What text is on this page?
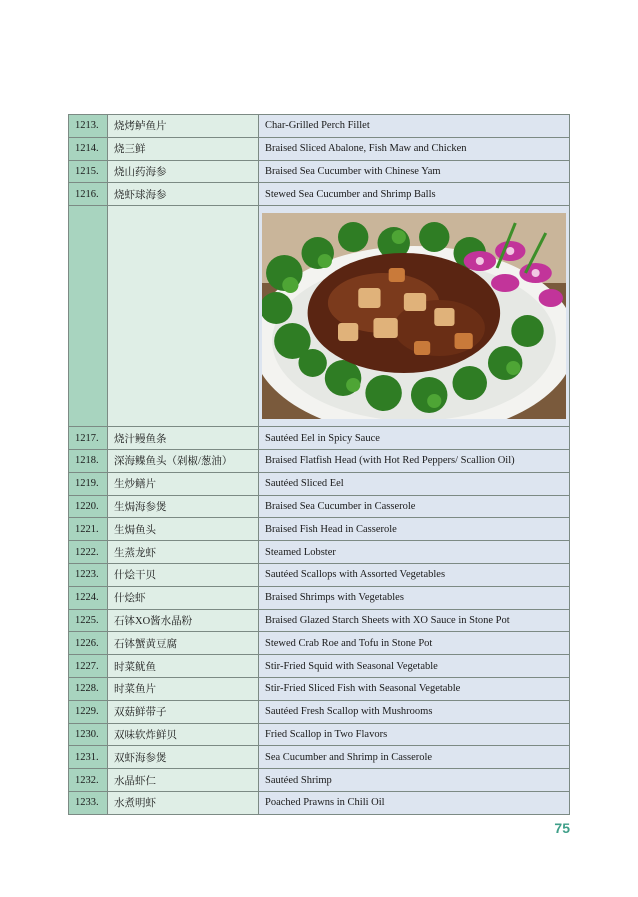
1213.	烧烤鲈鱼片	Char-Grilled Perch Fillet
1214.	烧三鲜	Braised Sliced Abalone, Fish Maw and Chicken
1215.	烧山药海参	Braised Sea Cucumber with Chinese Yam
1216.	烧虾球海参	Stewed Sea Cucumber and Shrimp Balls

1217.	烧汁鳗鱼条	Sautéed Eel in Spicy Sauce
1218.	深海鲽鱼头（剁椒/葱油）	Braised Flatfish Head (with Hot Red Peppers/ Scallion Oil)
1219.	生炒鳝片	Sautéed Sliced Eel
1220.	生焗海参煲	Braised Sea Cucumber in Casserole
1221.	生焗鱼头	Braised Fish Head in Casserole
1222.	生蒸龙虾	Steamed Lobster
1223.	什烩干贝	Sautéed Scallops with Assorted Vegetables
1224.	什烩虾	Braised Shrimps with Vegetables
1225.	石钵XO酱水晶粉	Braised Glazed Starch Sheets with XO Sauce in Stone Pot
1226.	石钵蟹黄豆腐	Stewed Crab Roe and Tofu in Stone Pot
1227.	时菜鱿鱼	Stir-Fried Squid with Seasonal Vegetable
1228.	时菜鱼片	Stir-Fried Sliced Fish with Seasonal Vegetable
1229.	双菇鲜带子	Sautéed Fresh Scallop with Mushrooms
1230.	双味软炸鲜贝	Fried Scallop in Two Flavors
1231.	双虾海参煲	Sea Cucumber and Shrimp in Casserole
1232.	水晶虾仁	Sautéed Shrimp
1233.	水煮明虾	Poached Prawns in Chili Oil
75
